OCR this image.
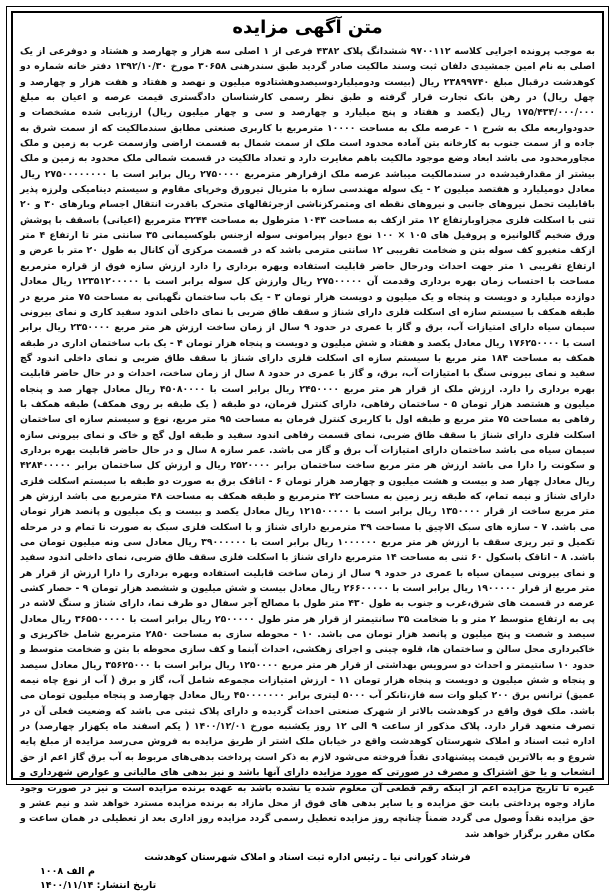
متن آگهی مزایده

به موجب پرونده اجرایی کلاسه ۹۷۰۰۱۱۲ ششدانگ پلاک ۴۳۸۲ فرعی از ۱ اصلی سه هزار و چهارصد و هشتاد و دوفرعی از یک اصلی به نام امین جمشیدی دلفان ثبت وسند مالکیت صادر گردید طبق سندرهنی ۳۰۶۵۸ مورخ ۱۳۹۲/۱۰/۳۰ دفتر خانه شماره دو کوهدشت درقبال مبلغ ۲۳۸۹۹۷۴۰ ریال (بیست ودومیلیاردوسیصدوهشتادوه میلیون و نهصد و هفتاد و هفت هزار و چهارصد و چهل ریال) در رهن بانک تجارت قرار گرفته و طبق نظر رسمی کارشناسان دادگستری قیمت عرصه و اعیان به مبلغ ۱۷۵/۴۳۴/۰۰۰/۰۰۰ ریال (یکصد و هفتاد و پنج میلیارد و چهارصد و سی و چهار میلیون ریال) ارزیابی شده مشخصات و حدودواربعه ملک به شرح ۱ - عرصه ملک به مساحت ۱۰۰۰۰ مترمربع با کاربری صنعتی مطابق سندمالکیت که از سمت شرق به جاده و از سمت جنوب به کارخانه بتن آماده محدود است ملک از سمت شمال به قسمت اراضی وازسمت غرب به زمین و ملک مجاورمحدود می باشد ابعاد وضع موجود مالکیت باهم مغایرت دارد و تعداد مالکیت در قسمت شمالی ملک محدود به زمین و ملک بیشتر از مقدارقیدشده در سندمالکیت میباشد عرصه ملک ازقرارهر مترمربع ۲۷۵۰۰۰۰ ریال برابر است با ۲۷۵۰۰۰۰۰۰۰۰ ریال معادل دومیلیارد و هفتصد میلیون ۲ - یک سوله مهندسی سازه با متریال تیرورق وخرپای مقاوم و سیستم دینامیکی ولرزه پذیر باقابلیت تحمل نیروهای جانبی و نیروهای نقطه ای ومتمرکزناشی ازجرثقالهای متحرک باقدرت انتقال اجسام وبارهای ۳۰ و ۲۰ تنی با اسکلت فلزی مجزاوبارتفاع ۱۲ متر ازکف به مساحت ۱۰۴۳ مترطول به مساحت ۳۲۴۴ مترمربع (اعیانی) باسقف با پوشش ورق ضخیم گالوانیزه و پروفیل های ۱۰۵ × ۱۰۰ نوع دیوار پیرامونی سوله ازجنس بلوکسیمانی ۳۵ سانتی متر تا ارتفاع ۴ متر ازکف متغیرو کف سوله بتن و ضخامت تقریبی ۱۲ سانتی مترمی باشد که در قسمت مرکزی آن کانال به طول ۲۰ متر با عرض و ارتفاع تقریبی ۱ متر جهت احداث ودرحال حاضر قابلیت استفاده وبهره برداری را دارد ارزش سازه فوق از قراره مترمربع مساحت با احتساب زمان بهره برداری وقدمت آن ۲۷۵۰۰۰۰۰ ریال وارزش کل سوله برابر است با ۱۲۳۵۱۲۰۰۰۰۰ ریال معادل دوازده میلیارد و دویست و پنجاه و یک میلیون و دویست هزار تومان ۳ - یک باب ساختمان نگهبانی به مساحت ۷۵ متر مربع در طبقه همکف با سیستم سازه ای اسکلت فلزی دارای شناژ و سقف طاق ضربی با نمای داخلی اندود سفید کاری و نمای بیرونی سیمان سیاه دارای امتیازات آب، برق و گاز با عمری در حدود ۹ سال از زمان ساخت ارزش هر متر مربع ۲۳۵۰۰۰۰ ریال برابر است با ۱۷۶۲۵۰۰۰۰ ریال معادل یکصد و هفتاد و شش میلیون و دویست و پنجاه هزار تومان ۴ - یک باب ساختمان اداری در طبقه همکف به مساحت ۱۸۴ متر مربع با سیستم سازه ای اسکلت فلزی دارای شناژ با سقف طاق ضربی و نمای داخلی اندود گچ سفید و نمای بیرونی سنگ با امتیازات آب، برق، و گاز با عمری در حدود ۸ سال از زمان ساخت، احداث و در حال حاضر قابلیت بهره برداری را دارد. ارزش ملک از قرار هر متر مربع ۲۴۵۰۰۰۰ ریال برابر است با ۴۵۰۸۰۰۰۰ ریال معادل چهار صد و پنجاه میلیون و هشتصد هزار تومان ۵ - ساختمان رفاهی، دارای کنترل فرمان، دو طبقه ( یک طبقه بر روی همکف) طبقه همکف با رفاهی به مساحت ۷۵ متر مربع و طبقه اول با کاربری کنترل فرمان به مساحت ۹۵ متر مربع، نوع و سیستم سازه ای ساختمان اسکلت فلزی دارای شناژ با سقف طاق ضربی، نمای قسمت رفاهی اندود سفید و طبقه اول گچ و خاک و نمای بیرونی سازه سیمان سیاه می باشد ساختمان دارای امتیازات آب برق و گاز می باشد. عمر سازه ۸ سال و در حال حاضر قابلیت بهره برداری و سکونت را دارا می باشد ارزش هر متر مربع ساخت ساختمان برابر ۲۵۲۰۰۰۰ ریال و ارزش کل ساختمان برابر ۴۲۸۴۰۰۰۰۰ ریال معادل چهار صد و بیست و هشت میلیون و چهارصد هزار تومان ۶ - اتاقک برق به صورت دو طبقه با سیستم اسکلت فلزی دارای شناژ و نیمه تمام، که طبقه زیر زمین به مساحت ۴۲ مترمربع و طبقه همکف به مساحت ۴۸ مترمربع می باشد ارزش هر متر مربع ساخت از قرار ۱۳۵۰۰۰۰ ریال برابر است با ۱۲۱۵۰۰۰۰۰ ریال معادل یکصد و بیست و یک میلیون و پانصد هزار تومان می باشد. ۷ - سازه های سبک الاچیق با مساحت ۳۹ مترمربع دارای شناژ و با اسکلت فلزی سبک به صورت نا تمام و در مرحله تکمیل و تیر ریزی سقف با ارزش هر متر مربع ۱۰۰۰۰۰۰ ریال برابر است با ۳۹۰۰۰۰۰۰ ریال معادل سی ونه میلیون تومان می باشد. ۸ - اتاقک باسکول ۶۰ تنی به مساحت ۱۴ مترمربع دارای شناژ با اسکلت فلزی سقف طاق ضربی، نمای داخلی اندود سفید و نمای بیرونی سیمان سیاه با عمری در حدود ۹ سال از زمان ساخت قابلیت استفاده وبهره برداری را دارا ارزش از قرار هر متر مربع از قرار ۱۹۰۰۰۰۰ ریال برابر است با ۲۶۶۰۰۰۰۰ ریال معادل بیست و شش میلیون و ششصد هزار تومان ۹ - حصار کشی عرصه در قسمت های شرق،غرب و جنوب به طول ۴۳۰ متر طول با مصالح آجر سفال دو طرف نما، دارای شناژ و سنگ لاشه در پی به ارتفاع متوسط ۲ متر و با ضخامت ۳۵ سانتیمتر از قرار هر متر طول ۲۵۰۰۰۰۰ ریال برابر است با ۳۶۵۵۰۰۰۰۰ ریال معادل سیصد و شصت و پنج میلیون و پانصد هزار تومان می باشد. ۱۰ - محوطه سازی به مساحت ۲۸۵۰ مترمربع شامل خاکریزی و خاکبرداری محل سالن و ساختمان ها، قلوه چینی و اجرای زهکشی، احداث آبنما و کف سازی محوطه با بتن و ضخامت متوسط و حدود ۱۰ سانتیمتر و احداث دو سرویس بهداشتی از قرار هر متر مربع ۱۲۵۰۰۰۰ ریال برابر است با ۳۵۶۲۵۰۰۰ ریال معادل سیصد و پنجاه و شش میلیون و دویست و پنجاه هزار تومان ۱۱ - ارزش امتیازات مجموعه شامل آب، گاز و برق ( آب از نوع چاه نیمه عمیق) ترانس برق ۲۰۰ کیلو وات سه فاز،تانکر آب ۵۰۰۰ لیتری برابر ۴۵۰۰۰۰۰۰۰ ریال معادل چهارصد و پنجاه میلیون تومان می باشد. ملک فوق واقع در کوهدشت بالاتر از شهرک صنعتی احداث گردیده و دارای پلاک ثبتی می باشد که وضعیت فعلی آن در تصرف متعهد قرار دارد. پلاک مذکور از ساعت ۹ الی ۱۲ روز یکشنبه مورخ ۱۴۰۰/۱۲/۰۱ ( یکم اسفند ماه یکهزار چهارصد) در اداره ثبت اسناد و املاک شهرستان کوهدشت واقع در خیابان ملک اشتر از طریق مزایده به فروش می‌رسد مزایده از مبلغ پایه شروع و به بالاترین قیمت پیشنهادی نقداً فروخته می‌شود لازم به ذکر است پرداخت بدهی‌های مربوط به آب برق گاز اعم از حق انشعاب و یا حق اشتراک و مصرف در صورتی که مورد مزایده دارای آنها باشد و نیز بدهی های مالیاتی و عوارض شهرداری و غیره تا تاریخ مزایده اعم از اینکه رقم قطعی آن معلوم شده یا نشده باشد به عهده برنده مزایده است و نیز در صورت وجود مازاد وجوه پرداختی بابت حق مزایده و یا سایر بدهی های فوق از محل مازاد به برنده مزایده مسترد خواهد شد و نیم عشر و حق مزایده نقداً وصول می گردد ضمناً چنانچه روز مزایده تعطیل رسمی گردد مزایده روز اداری بعد از تعطیلی در همان ساعت و مکان مقرر برگزار خواهد شد

فرشاد کورانی نیا ـ رئیس اداره ثبت اسناد و املاک شهرستان کوهدشت
م الف ۱۰۰۸
تاریخ انتشار: ۱۴۰۰/۱۱/۱۴
